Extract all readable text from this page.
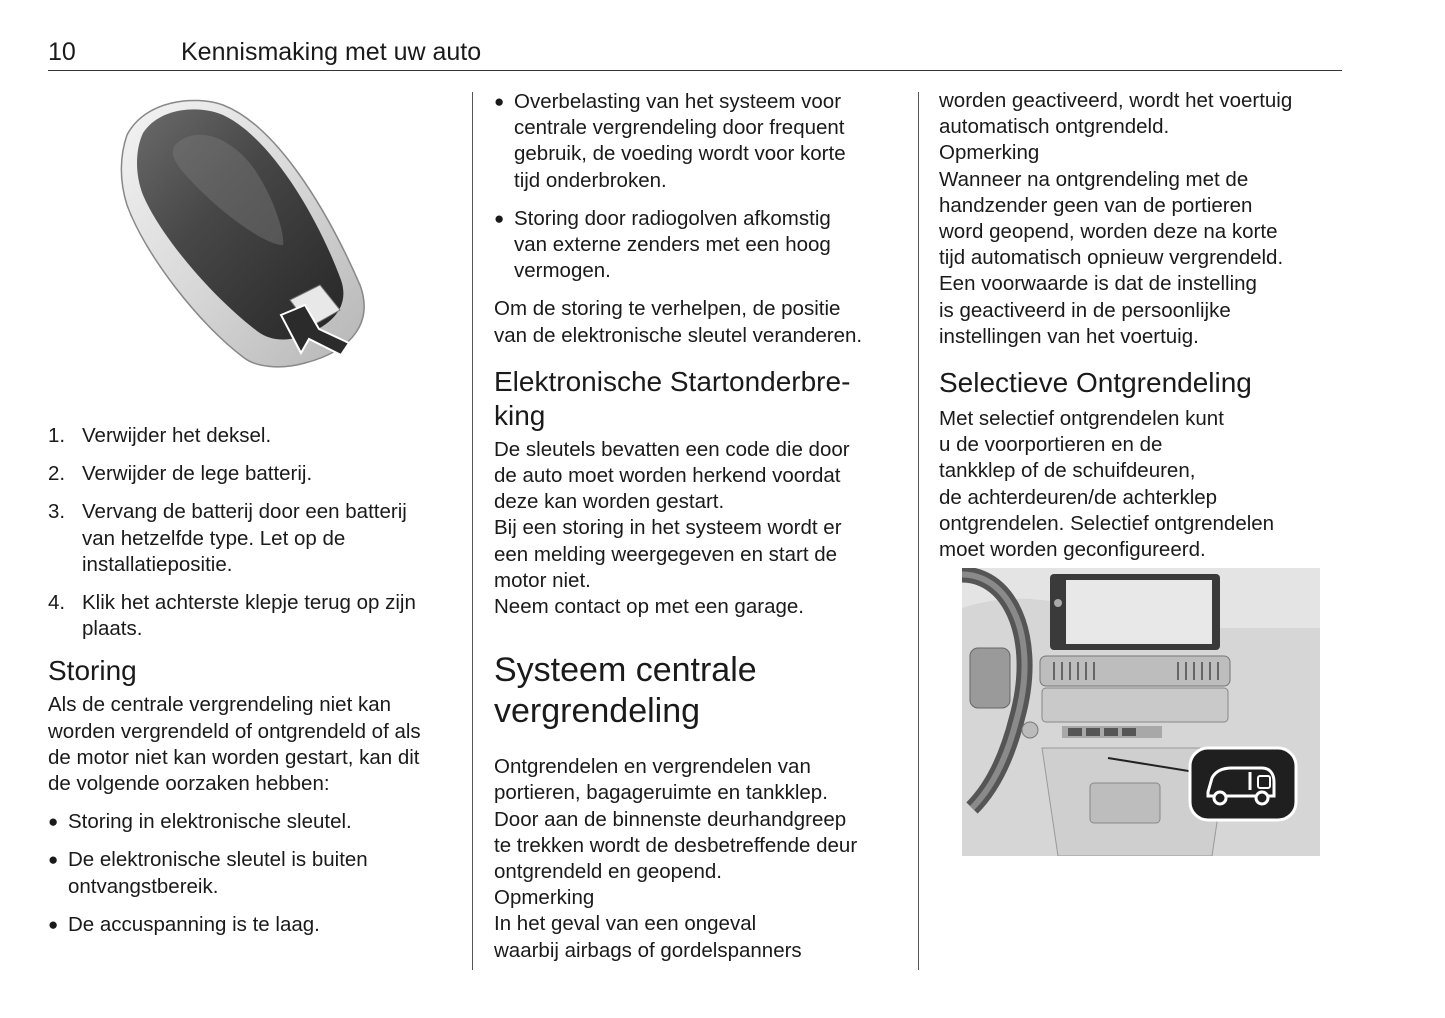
10	Kennismaking met uw auto
1. Verwijder het deksel.

2. Verwijder de lege batterij.

3. Vervang de batterij door een batterij

van hetzelfde type. Let op de

installatiepositie.

4. Klik het achterste klepje terug op zijn

plaats.

Storing

Als de centrale vergrendeling niet kan

worden vergrendeld of ontgrendeld of als

de motor niet kan worden gestart, kan dit

de volgende oorzaken hebben:

● Storing in elektronische sleutel.

● De elektronische sleutel is buiten

ontvangstbereik.

● De accuspanning is te laag.

● Overbelasting van het systeem voor

centrale vergrendeling door frequent

gebruik, de voeding wordt voor korte

tijd onderbroken.

● Storing door radiogolven afkomstig

van externe zenders met een hoog

vermogen.

Om de storing te verhelpen, de positie

van de elektronische sleutel veranderen.

Elektronische Startonderbre-
king

De sleutels bevatten een code die door

de auto moet worden herkend voordat

deze kan worden gestart.

Bij een storing in het systeem wordt er

een melding weergegeven en start de

motor niet.

Neem contact op met een garage.

Systeem centrale
vergrendeling

Ontgrendelen en vergrendelen van

portieren, bagageruimte en tankklep.

Door aan de binnenste deurhandgreep

te trekken wordt de desbetreffende deur

ontgrendeld en geopend.

Opmerking

In het geval van een ongeval

waarbij airbags of gordelspanners

worden geactiveerd, wordt het voertuig

automatisch ontgrendeld.

Opmerking

Wanneer na ontgrendeling met de

handzender geen van de portieren

word geopend, worden deze na korte

tijd automatisch opnieuw vergrendeld.

Een voorwaarde is dat de instelling

is geactiveerd in de persoonlijke

instellingen van het voertuig.

Selectieve Ontgrendeling

Met selectief ontgrendelen kunt

u de voorportieren en de

tankklep of de schuifdeuren,

de achterdeuren/de achterklep

ontgrendelen. Selectief ontgrendelen

moet worden geconfigureerd.
